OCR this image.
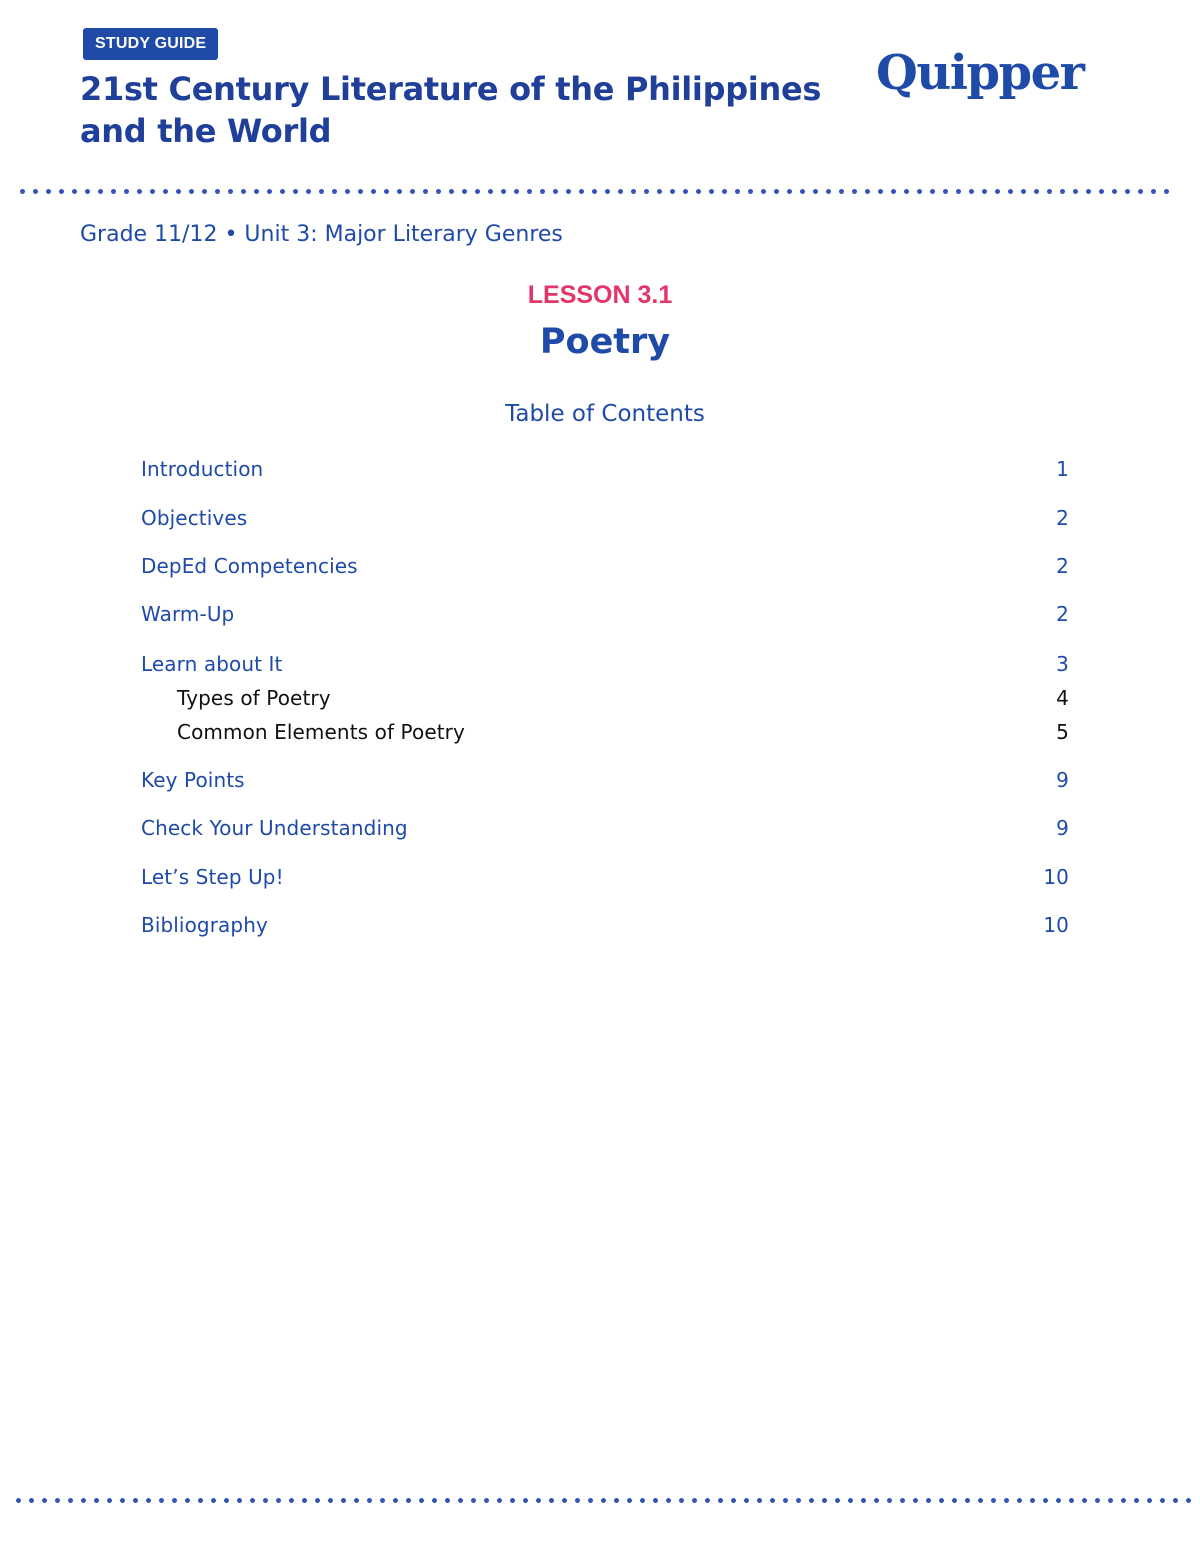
STUDY GUIDE
21st Century Literature of the Philippines and the World
Quipper
Grade 11/12 • Unit 3: Major Literary Genres
LESSON 3.1
Poetry
Table of Contents
Introduction	1
Objectives	2
DepEd Competencies	2
Warm-Up	2
Learn about It	3
Types of Poetry	4
Common Elements of Poetry	5
Key Points	9
Check Your Understanding	9
Let’s Step Up!	10
Bibliography	10
